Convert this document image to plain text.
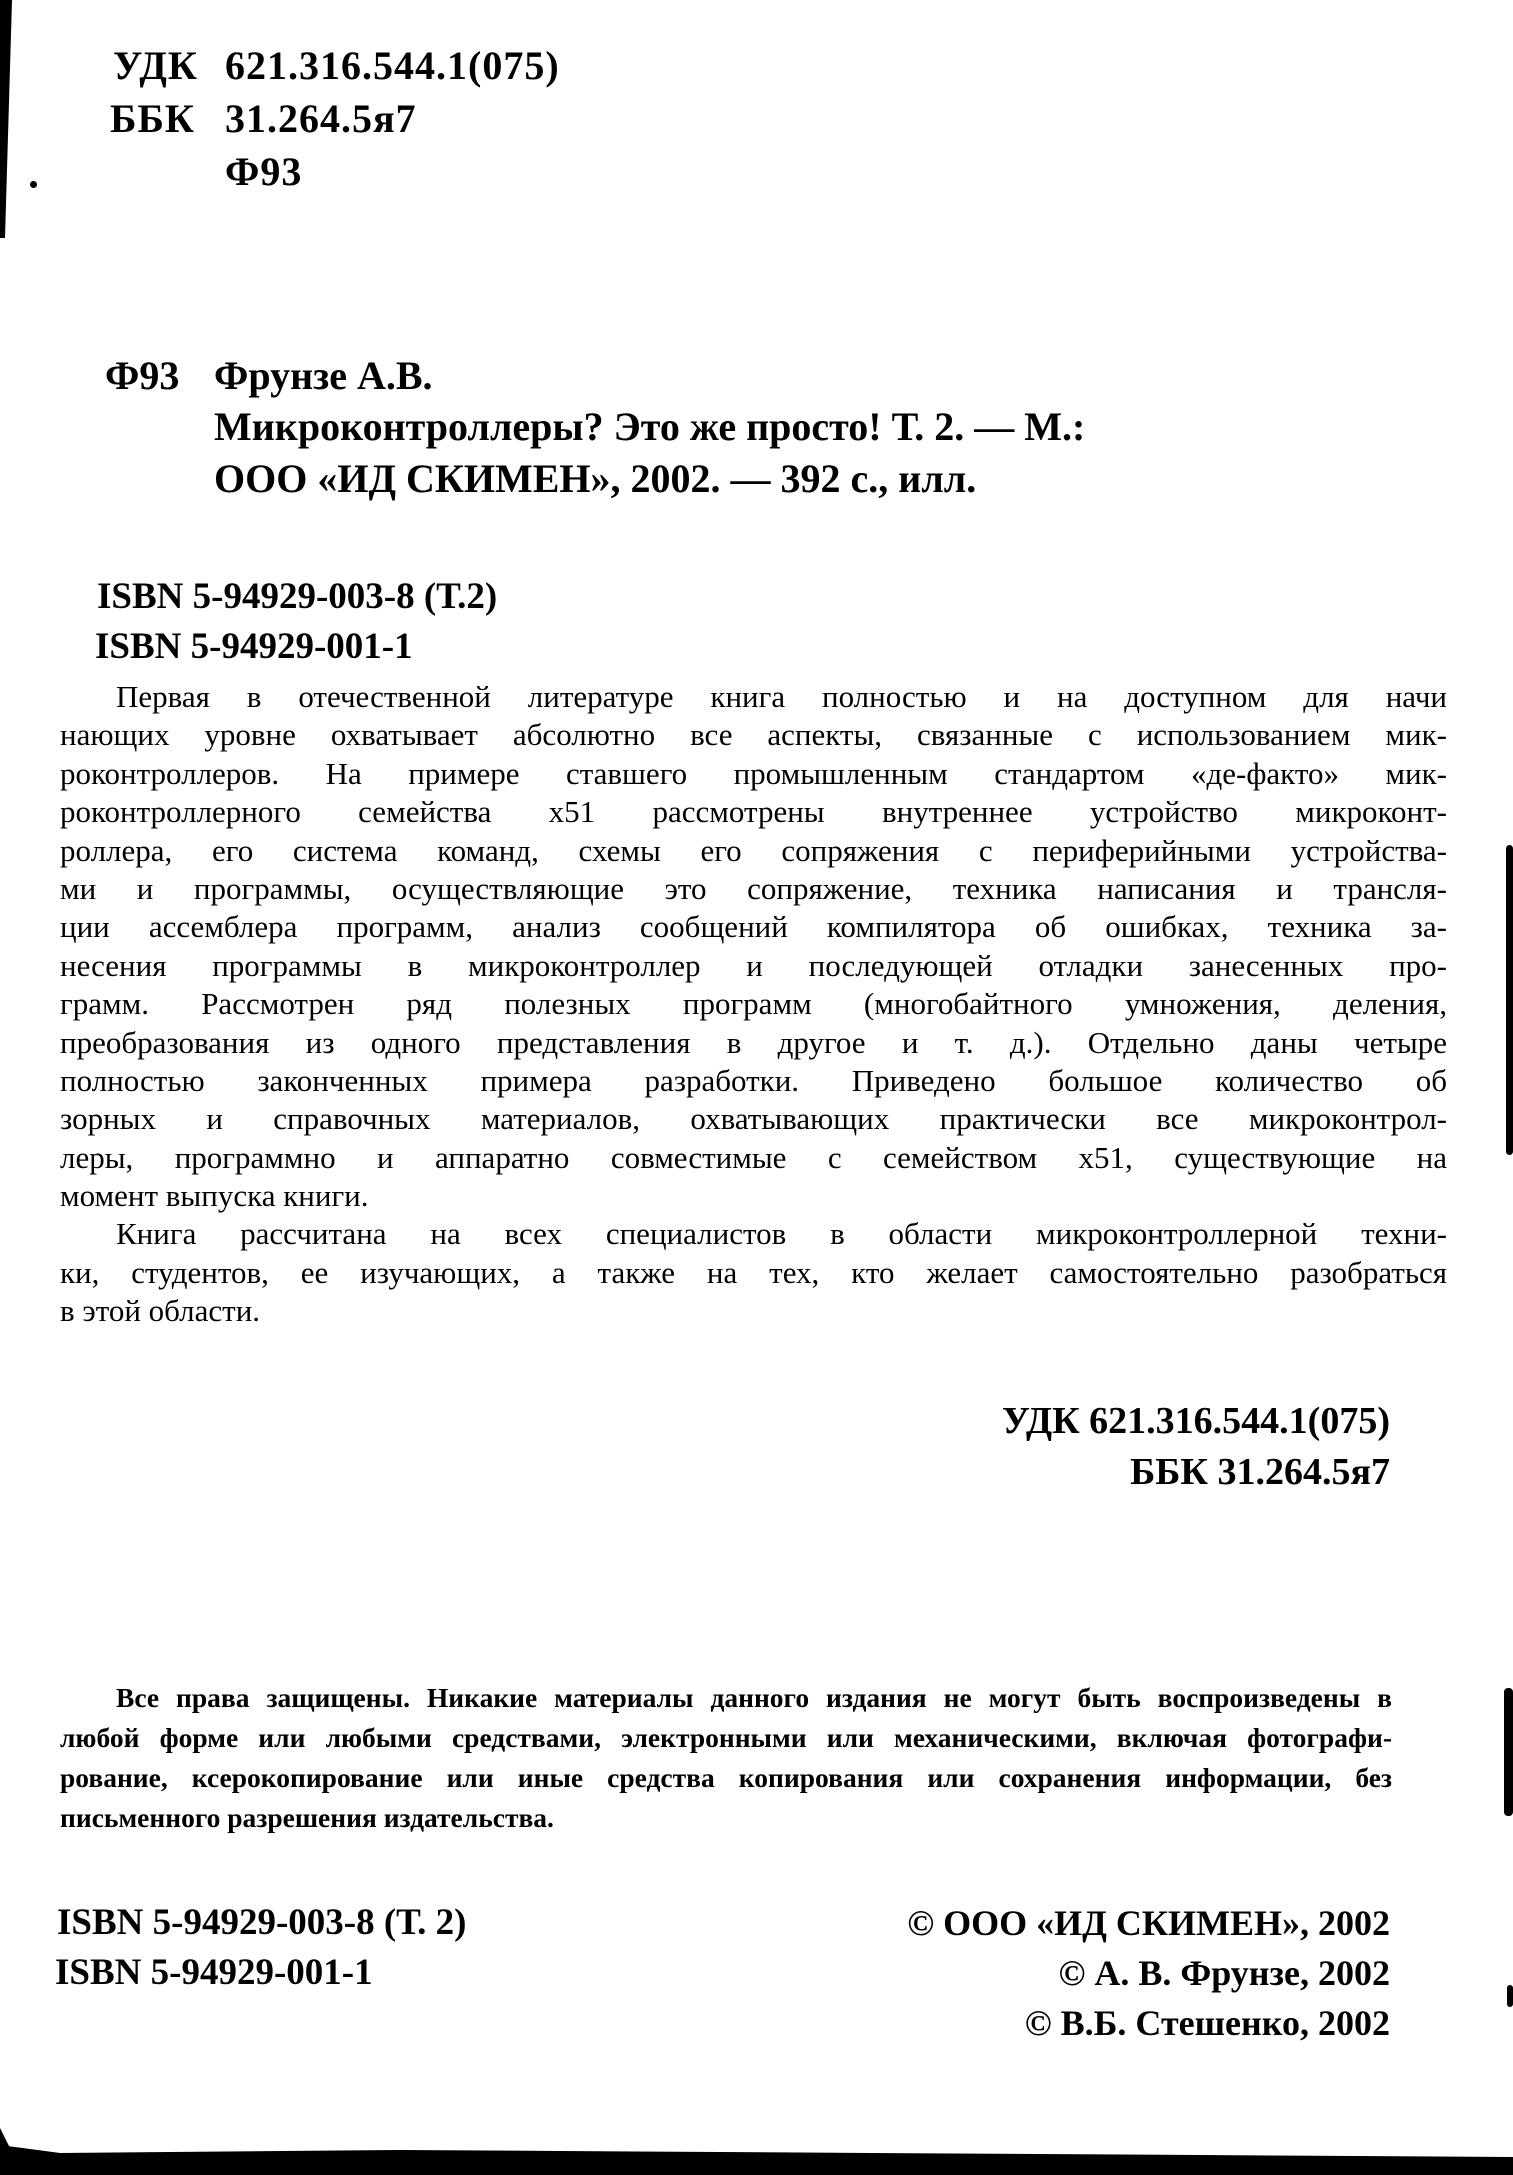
УДК 621.316.544.1(075)
ББК 31.264.5я7
Ф93
Ф93 Фрунзе А.В.
Микроконтроллеры? Это же просто! Т. 2. — М.:
ООО «ИД СКИМЕН», 2002. — 392 с., илл.
ISBN 5-94929-003-8 (Т.2)
ISBN 5-94929-001-1
Первая в отечественной литературе книга полностью и на доступном для начи
нающих уровне охватывает абсолютно все аспекты, связанные с использованием мик-
роконтроллеров. На примере ставшего промышленным стандартом «де-факто» мик-
роконтроллерного семейства х51 рассмотрены внутреннее устройство микроконт-
роллера, его система команд, схемы его сопряжения с периферийными устройства-
ми и программы, осуществляющие это сопряжение, техника написания и трансля-
ции ассемблера программ, анализ сообщений компилятора об ошибках, техника за-
несения программы в микроконтроллер и последующей отладки занесенных про-
грамм. Рассмотрен ряд полезных программ (многобайтного умножения, деления,
преобразования из одного представления в другое и т. д.). Отдельно даны четыре
полностью законченных примера разработки. Приведено большое количество об
зорных и справочных материалов, охватывающих практически все микроконтрол-
леры, программно и аппаратно совместимые с семейством х51, существующие на
момент выпуска книги.
Книга рассчитана на всех специалистов в области микроконтроллерной техни-
ки, студентов, ее изучающих, а также на тех, кто желает самостоятельно разобраться
в этой области.
УДК 621.316.544.1(075)
ББК 31.264.5я7
Все права защищены. Никакие материалы данного издания не могут быть воспроизведены в
любой форме или любыми средствами, электронными или механическими, включая фотографи-
рование, ксерокопирование или иные средства копирования или сохранения информации, без
письменного разрешения издательства.
ISBN 5-94929-003-8 (Т. 2)
ISBN 5-94929-001-1
© ООО «ИД СКИМЕН», 2002
© А. В. Фрунзе, 2002
© В.Б. Стешенко, 2002
